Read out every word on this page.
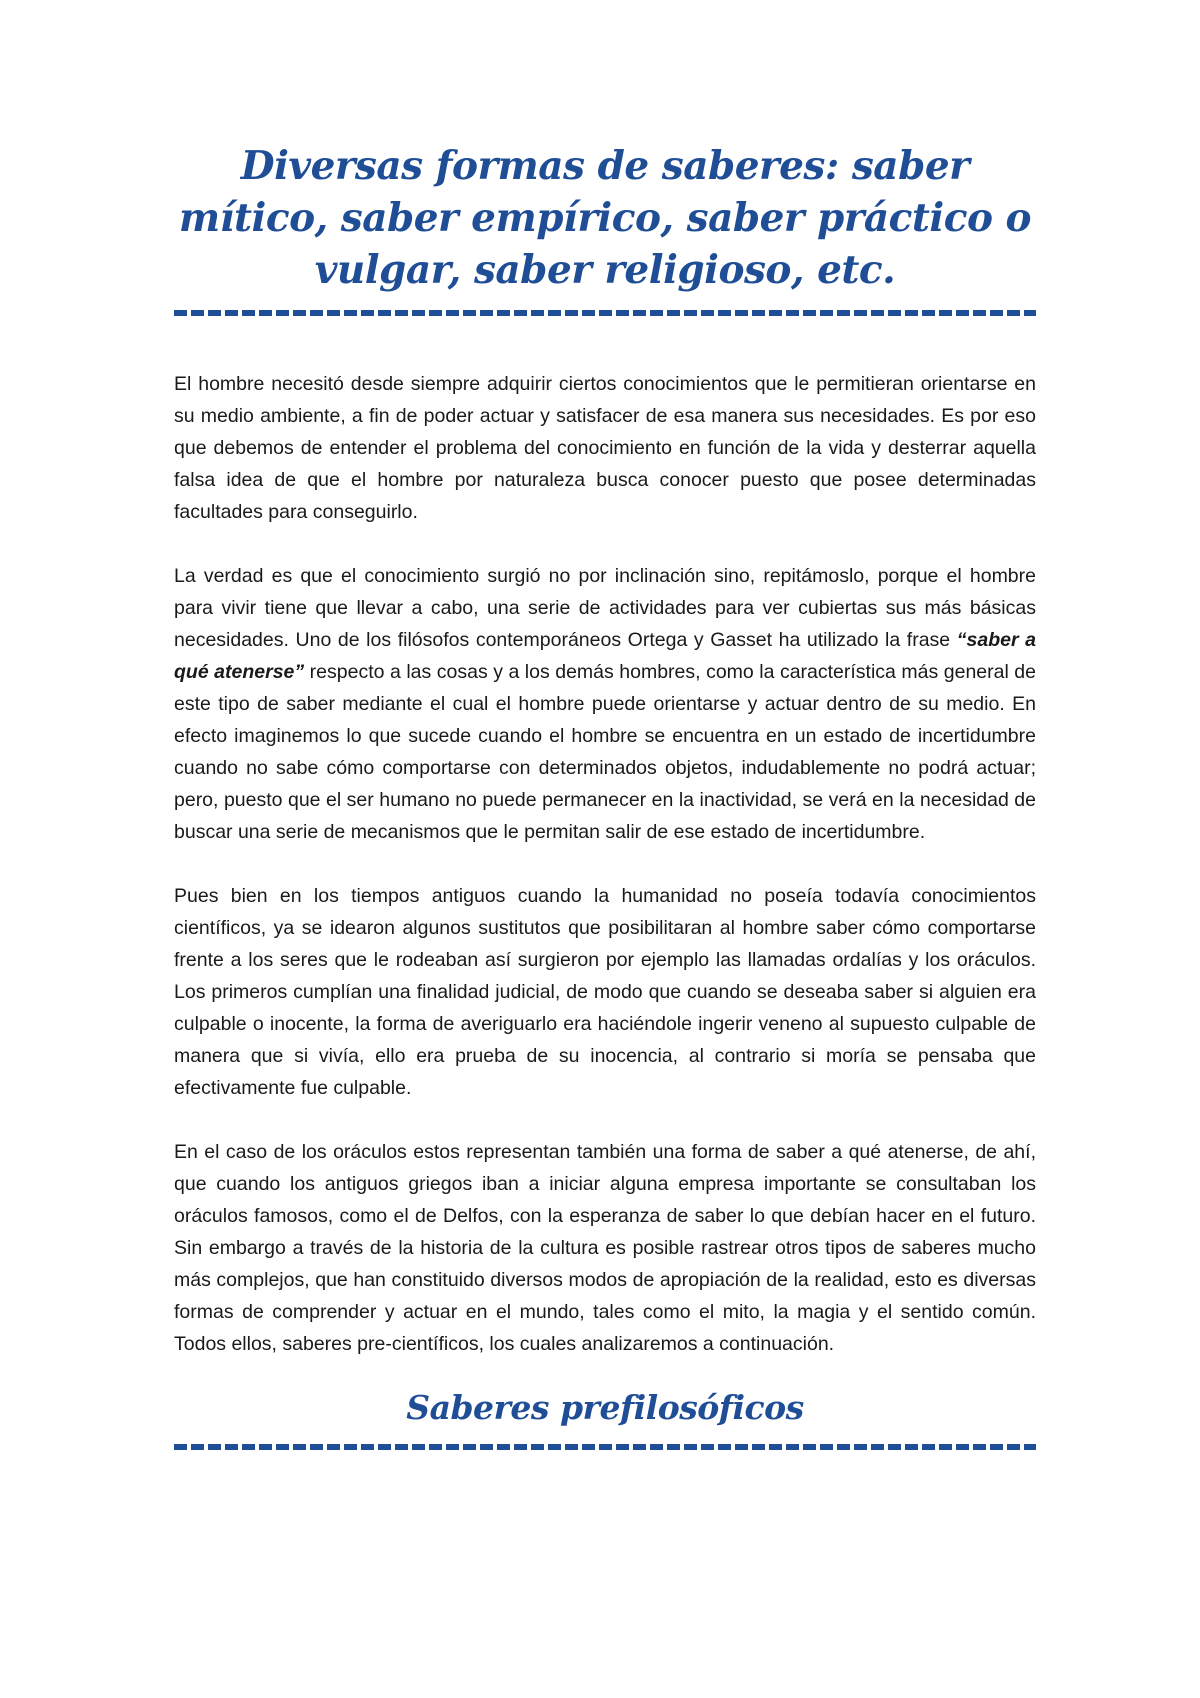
Diversas formas de saberes: saber mítico, saber empírico, saber práctico o vulgar, saber religioso, etc.

El hombre necesitó desde siempre adquirir ciertos conocimientos que le permitieran orientarse en su medio ambiente, a fin de poder actuar y satisfacer de esa manera sus necesidades. Es por eso que debemos de entender el problema del conocimiento en función de la vida y desterrar aquella falsa idea de que el hombre por naturaleza busca conocer puesto que posee determinadas facultades para conseguirlo.

La verdad es que el conocimiento surgió no por inclinación sino, repitámoslo, porque el hombre para vivir tiene que llevar a cabo, una serie de actividades para ver cubiertas sus más básicas necesidades. Uno de los filósofos contemporáneos Ortega y Gasset ha utilizado la frase “saber a qué atenerse” respecto a las cosas y a los demás hombres, como la característica más general de este tipo de saber mediante el cual el hombre puede orientarse y actuar dentro de su medio. En efecto imaginemos lo que sucede cuando el hombre se encuentra en un estado de incertidumbre cuando no sabe cómo comportarse con determinados objetos, indudablemente no podrá actuar; pero, puesto que el ser humano no puede permanecer en la inactividad, se verá en la necesidad de buscar una serie de mecanismos que le permitan salir de ese estado de incertidumbre.

Pues bien en los tiempos antiguos cuando la humanidad no poseía todavía conocimientos científicos, ya se idearon algunos sustitutos que posibilitaran al hombre saber cómo comportarse frente a los seres que le rodeaban así surgieron por ejemplo las llamadas ordalías y los oráculos. Los primeros cumplían una finalidad judicial, de modo que cuando se deseaba saber si alguien era culpable o inocente, la forma de averiguarlo era haciéndole ingerir veneno al supuesto culpable de manera que si vivía, ello era prueba de su inocencia, al contrario si moría se pensaba que efectivamente fue culpable.

En el caso de los oráculos estos representan también una forma de saber a qué atenerse, de ahí, que cuando los antiguos griegos iban a iniciar alguna empresa importante se consultaban los oráculos famosos, como el de Delfos, con la esperanza de saber lo que debían hacer en el futuro. Sin embargo a través de la historia de la cultura es posible rastrear otros tipos de saberes mucho más complejos, que han constituido diversos modos de apropiación de la realidad, esto es diversas formas de comprender y actuar en el mundo, tales como el mito, la magia y el sentido común. Todos ellos, saberes pre-científicos, los cuales analizaremos a continuación.

Saberes prefilosóficos
